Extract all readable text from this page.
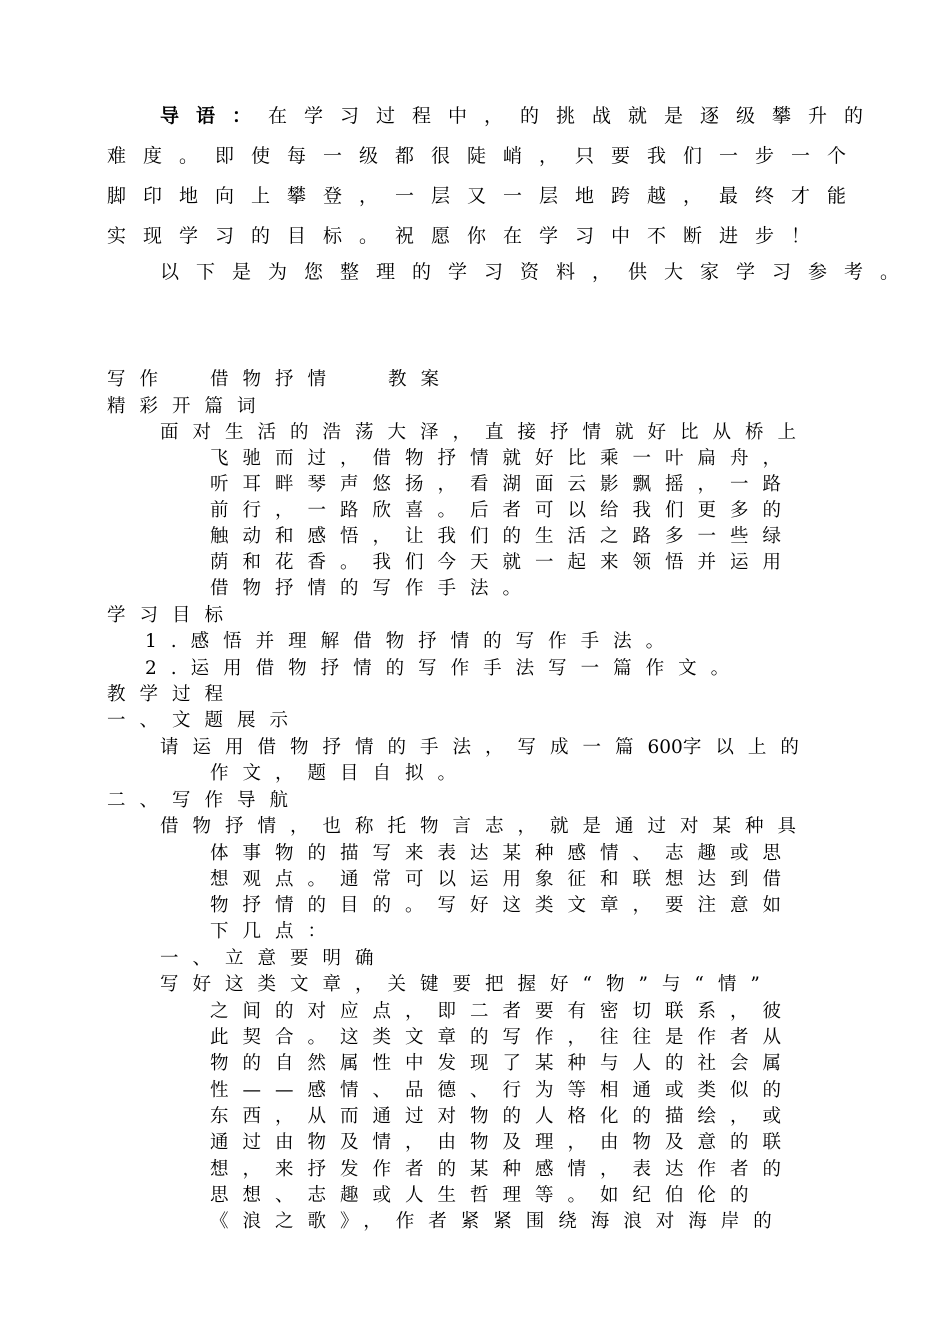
导语：在学习过程中，的挑战就是逐级攀升的
难度。即使每一级都很陡峭，只要我们一步一个
脚印地向上攀登，一层又一层地跨越，最终才能
实现学习的目标。祝愿你在学习中不断进步！
以下是为您整理的学习资料，供大家学习参考。
写作 借物抒情	教案
精彩开篇词
面对生活的浩荡大泽，直接抒情就好比从桥上
飞驰而过，借物抒情就好比乘一叶扁舟，
听耳畔琴声悠扬，看湖面云影飘摇，一路
前行，一路欣喜。后者可以给我们更多的
触动和感悟，让我们的生活之路多一些绿
荫和花香。我们今天就一起来领悟并运用
借物抒情的写作手法。
学习目标
1.感悟并理解借物抒情的写作手法。
2.运用借物抒情的写作手法写一篇作文。
教学过程
一、文题展示
请运用借物抒情的手法，写成一篇600字以上的
作文，题目自拟。
二、写作导航
借物抒情，也称托物言志，就是通过对某种具
体事物的描写来表达某种感情、志趣或思
想观点。通常可以运用象征和联想达到借
物抒情的目的。写好这类文章，要注意如
下几点：
一、立意要明确
写好这类文章，关键要把握好“物”与“情”
之间的对应点，即二者要有密切联系，彼
此契合。这类文章的写作，往往是作者从
物的自然属性中发现了某种与人的社会属
性——感情、品德、行为等相通或类似的
东西，从而通过对物的人格化的描绘，或
通过由物及情，由物及理，由物及意的联
想，来抒发作者的某种感情，表达作者的
思想、志趣或人生哲理等。如纪伯伦的
《浪之歌》，作者紧紧围绕海浪对海岸的
